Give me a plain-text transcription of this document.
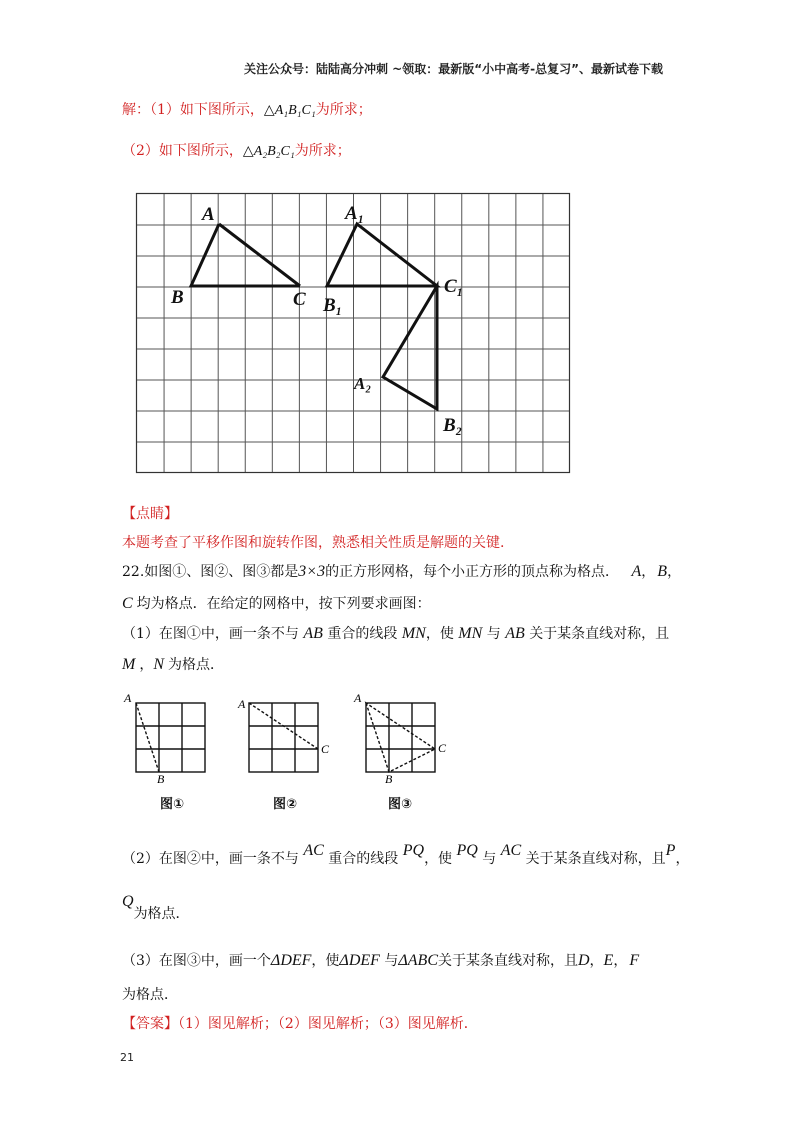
关注公众号：陆陆高分冲刺 ~领取：最新版“小中高考-总复习”、最新试卷下载
解：（1）如下图所示，△A₁B₁C₁为所求；
（2）如下图所示，△A₂B₂C₁为所求；
A
B	C
A₁
B₁
C₁
A₂
B₂
【点睛】
本题考查了平移作图和旋转作图，熟悉相关性质是解题的关键.
22.如图①、图②、图③都是3×3的正方形网格，每个小正方形的顶点称为格点． A， B，
C 均为格点．在给定的网格中，按下列要求画图：
（1）在图①中，画一条不与 AB 重合的线段 MN，使 MN 与 AB 关于某条直线对称，且
M ，N 为格点．
A
B
图①
A
C
图②
A
B
C
图③
（2）在图②中，画一条不与 AC 重合的线段 PQ，使 PQ 与 AC 关于某条直线对称，且P，
Q为格点．
（3）在图③中，画一个ΔDEF，使ΔDEF 与ΔABC关于某条直线对称，且D，E， F
为格点．
【答案】（1）图见解析；（2）图见解析；（3）图见解析．
21
